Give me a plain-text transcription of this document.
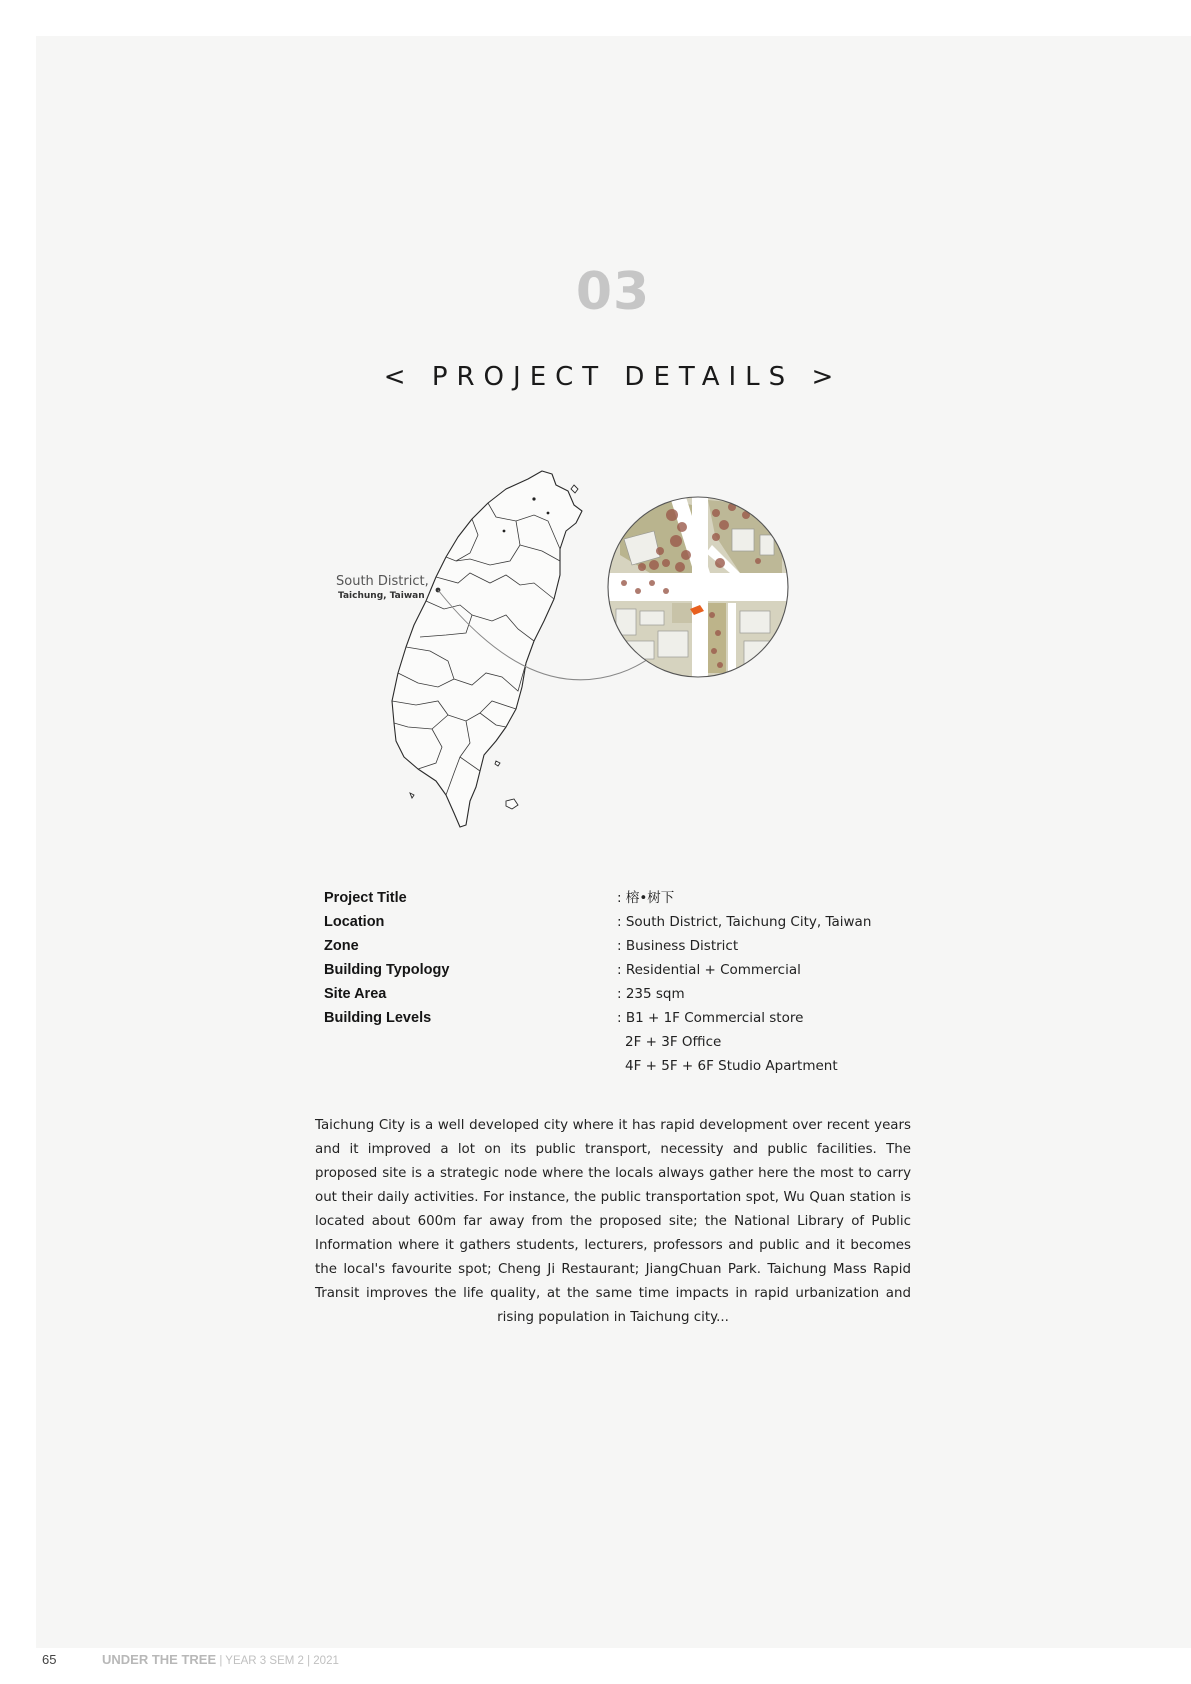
03
< PROJECT DETAILS >
South District,
Taichung, Taiwan
Project Title	: 榕•树下
Location	: South District, Taichung City, Taiwan
Zone	: Business District
Building Typology	: Residential + Commercial
Site Area	: 235 sqm
Building Levels	: B1 + 1F Commercial store
2F + 3F Office
4F + 5F + 6F Studio Apartment
Taichung City is a well developed city where it has rapid development over recent years and it improved a lot on its public transport, necessity and public facilities. The proposed site is a strategic node where the locals always gather here the most to carry out their daily activities. For instance, the public transportation spot, Wu Quan station is located about 600m far away from the proposed site; the National Library of Public Information where it gathers students, lecturers, professors and public and it becomes the local's favourite spot; Cheng Ji Restaurant; JiangChuan Park. Taichung Mass Rapid Transit improves the life quality, at the same time impacts in rapid urbanization and rising population in Taichung city...
65	UNDER THE TREE | YEAR 3 SEM 2 | 2021
